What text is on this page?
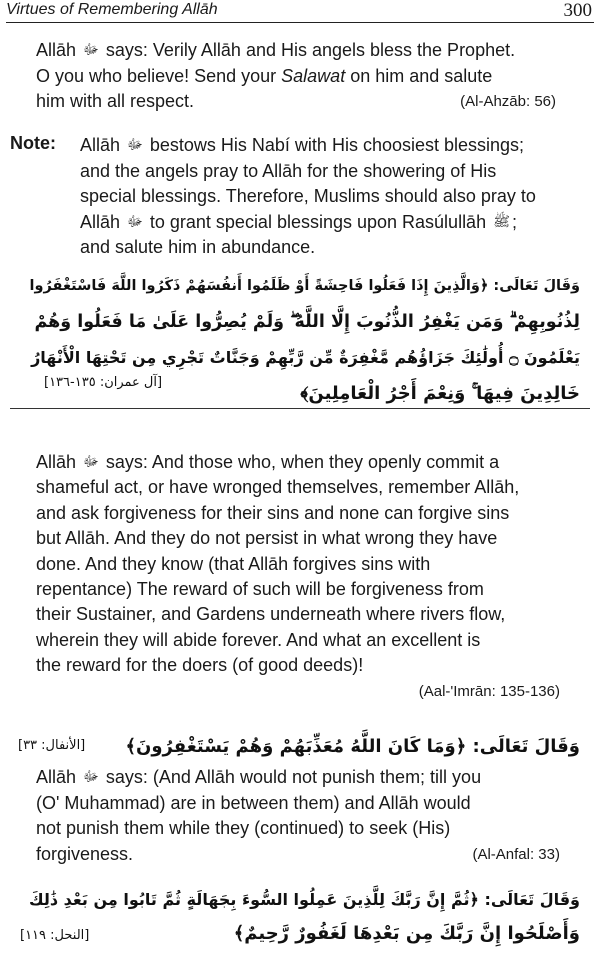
Virtues of Remembering Allāh	300

Allāh ﷻ says: Verily Allāh and His angels bless the Prophet.

O you who believe! Send your Salawat on him and salute

him with all respect.	(Al-Ahzāb: 56)

Note: Allāh ﷻ bestows His Nabí with His choosiest blessings;

and the angels pray to Allāh for the showering of His

special blessings. Therefore, Muslims should also pray to

Allāh ﷻ to grant special blessings upon Rasúlullāh ﷺ ;

and salute him in abundance.

وَقَالَ تَعَالَى: ﴿وَالَّذِينَ إِذَا فَعَلُوا فَاحِشَةً أَوْ ظَلَمُوا أَنفُسَهُمْ ذَكَرُوا اللَّهَ فَاسْتَغْفَرُوا
لِذُنُوبِهِمْ ۗ وَمَن يَغْفِرُ الذُّنُوبَ إِلَّا اللَّهُ ۖ وَلَمْ يُصِرُّوا عَلَىٰ مَا فَعَلُوا وَهُمْ
يَعْلَمُونَ ۝ أُولَٰئِكَ جَزَاؤُهُم مَّغْفِرَةٌ مِّن رَّبِّهِمْ وَجَنَّاتٌ تَجْرِي مِن تَحْتِهَا الْأَنْهَارُ
خَالِدِينَ فِيهَا ۚ وَنِعْمَ أَجْرُ الْعَامِلِينَ﴾
[آل عمران: ١٣٥-١٣٦]

Allāh ﷻ says: And those who, when they openly commit a

shameful act, or have wronged themselves, remember Allāh,

and ask forgiveness for their sins and none can forgive sins

but Allāh. And they do not persist in what wrong they have

done. And they know (that Allāh forgives sins with

repentance) The reward of such will be forgiveness from

their Sustainer, and Gardens underneath where rivers flow,

wherein they will abide forever. And what an excellent is

the reward for the doers (of good deeds)!

(Aal-'Imrān: 135-136)
وَقَالَ تَعَالَى: ﴿وَمَا كَانَ اللَّهُ مُعَذِّبَهُمْ وَهُمْ يَسْتَغْفِرُونَ﴾
[الأنفال: ٣٣]

Allāh ﷻ says: (And Allāh would not punish them; till you

(O' Muhammad) are in between them) and Allāh would

not punish them while they (continued) to seek (His)

forgiveness.	(Al-Anfal: 33)

وَقَالَ تَعَالَى: ﴿ثُمَّ إِنَّ رَبَّكَ لِلَّذِينَ عَمِلُوا السُّوءَ بِجَهَالَةٍ ثُمَّ تَابُوا مِن بَعْدِ ذَٰلِكَ
وَأَصْلَحُوا إِنَّ رَبَّكَ مِن بَعْدِهَا لَغَفُورٌ رَّحِيمٌ﴾
[النحل: ١١٩]
